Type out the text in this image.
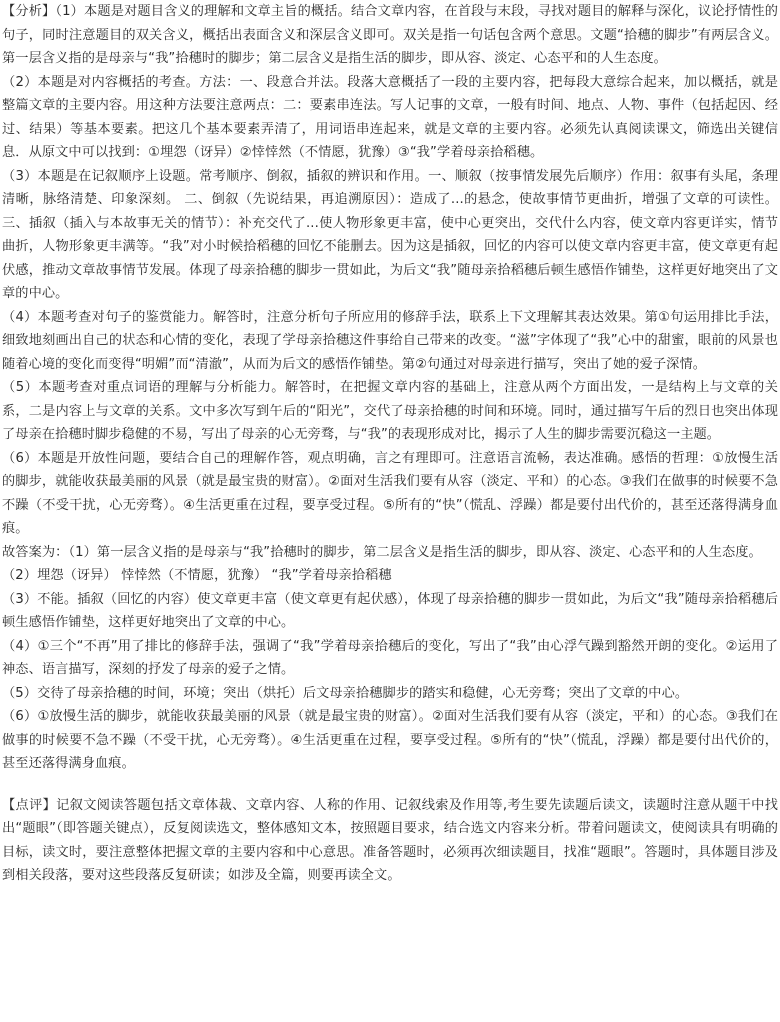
【分析】（1）本题是对题目含义的理解和文章主旨的概括。结合文章内容，在首段与末段，寻找对题目的解释与深化，议论抒情性的句子，同时注意题目的双关含义，概括出表面含义和深层含义即可。双关是指一句话包含两个意思。文题“拾穗的脚步”有两层含义。第一层含义指的是母亲与“我”拾穗时的脚步；第二层含义是指生活的脚步，即从容、淡定、心态平和的人生态度。

（2）本题是对内容概括的考查。方法：一、段意合并法。段落大意概括了一段的主要内容，把每段大意综合起来，加以概括，就是整篇文章的主要内容。用这种方法要注意两点：二：要素串连法。写人记事的文章，一般有时间、地点、人物、事件（包括起因、经过、结果）等基本要素。把这几个基本要素弄清了，用词语串连起来，就是文章的主要内容。必须先认真阅读课文，筛选出关键信息．从原文中可以找到：①埋怨（讶异）②悻悻然（不情愿，犹豫）③“我”学着母亲拾稻穗。

（3）本题是在记叙顺序上设题。常考顺序、倒叙，插叙的辨识和作用。一、顺叙（按事情发展先后顺序）作用：叙事有头尾，条理清晰，脉络清楚、印象深刻。 二、倒叙（先说结果，再追溯原因）：造成了...的悬念，使故事情节更曲折，增强了文章的可读性。 三、插叙（插入与本故事无关的情节）：补充交代了...使人物形象更丰富，使中心更突出，交代什么内容，使文章内容更详实，情节曲折，人物形象更丰满等。“我”对小时候拾稻穗的回忆不能删去。因为这是插叙，回忆的内容可以使文章内容更丰富，使文章更有起伏感，推动文章故事情节发展。体现了母亲拾穗的脚步一贯如此，为后文“我”随母亲拾稻穗后顿生感悟作铺垫，这样更好地突出了文章的中心。

（4）本题考查对句子的鉴赏能力。解答时，注意分析句子所应用的修辞手法，联系上下文理解其表达效果。第①句运用排比手法，细致地刻画出自己的状态和心情的变化，表现了学母亲拾穗这件事给自己带来的改变。“滋”字体现了“我”心中的甜蜜，眼前的风景也随着心境的变化而变得“明媚”而“清澈”，从而为后文的感悟作铺垫。第②句通过对母亲进行描写，突出了她的爱子深情。

（5）本题考查对重点词语的理解与分析能力。解答时，在把握文章内容的基础上，注意从两个方面出发，一是结构上与文章的关系，二是内容上与文章的关系。文中多次写到午后的“阳光”，交代了母亲拾穗的时间和环境。同时，通过描写午后的烈日也突出体现了母亲在拾穗时脚步稳健的不易，写出了母亲的心无旁骛，与“我”的表现形成对比，揭示了人生的脚步需要沉稳这一主题。

（6）本题是开放性问题，要结合自己的理解作答，观点明确，言之有理即可。注意语言流畅，表达准确。感悟的哲理：①放慢生活的脚步，就能收获最美丽的风景（就是最宝贵的财富）。②面对生活我们要有从容（淡定、平和）的心态。③我们在做事的时候要不急不躁（不受干扰，心无旁骛）。④生活更重在过程，要享受过程。⑤所有的“快”（慌乱、浮躁）都是要付出代价的，甚至还落得满身血痕。

故答案为：（1）第一层含义指的是母亲与“我”拾穗时的脚步，第二层含义是指生活的脚步，即从容、淡定、心态平和的人生态度。

（2）埋怨（讶异） 悻悻然（不情愿，犹豫） “我”学着母亲拾稻穗

（3）不能。插叙（回忆的内容）使文章更丰富（使文章更有起伏感），体现了母亲拾穗的脚步一贯如此，为后文“我”随母亲拾稻穗后顿生感悟作铺垫，这样更好地突出了文章的中心。

（4）①三个“不再”用了排比的修辞手法，强调了“我”学着母亲拾穗后的变化，写出了“我”由心浮气躁到豁然开朗的变化。②运用了神态、语言描写，深刻的抒发了母亲的爱子之情。

（5）交待了母亲拾穗的时间，环境；突出（烘托）后文母亲拾穗脚步的踏实和稳健，心无旁骛；突出了文章的中心。

（6）①放慢生活的脚步，就能收获最美丽的风景（就是最宝贵的财富）。②面对生活我们要有从容（淡定，平和）的心态。③我们在做事的时候要不急不躁（不受干扰，心无旁骛）。④生活更重在过程，要享受过程。⑤所有的“快”（慌乱，浮躁）都是要付出代价的，甚至还落得满身血痕。

【点评】记叙文阅读答题包括文章体裁、文章内容、人称的作用、记叙线索及作用等,考生要先读题后读文，读题时注意从题干中找出“题眼”（即答题关键点），反复阅读选文，整体感知文本，按照题目要求，结合选文内容来分析。带着问题读文，使阅读具有明确的目标，读文时，要注意整体把握文章的主要内容和中心意思。准备答题时，必须再次细读题目，找准“题眼”。答题时，具体题目涉及到相关段落，要对这些段落反复研读；如涉及全篇，则要再读全文。
